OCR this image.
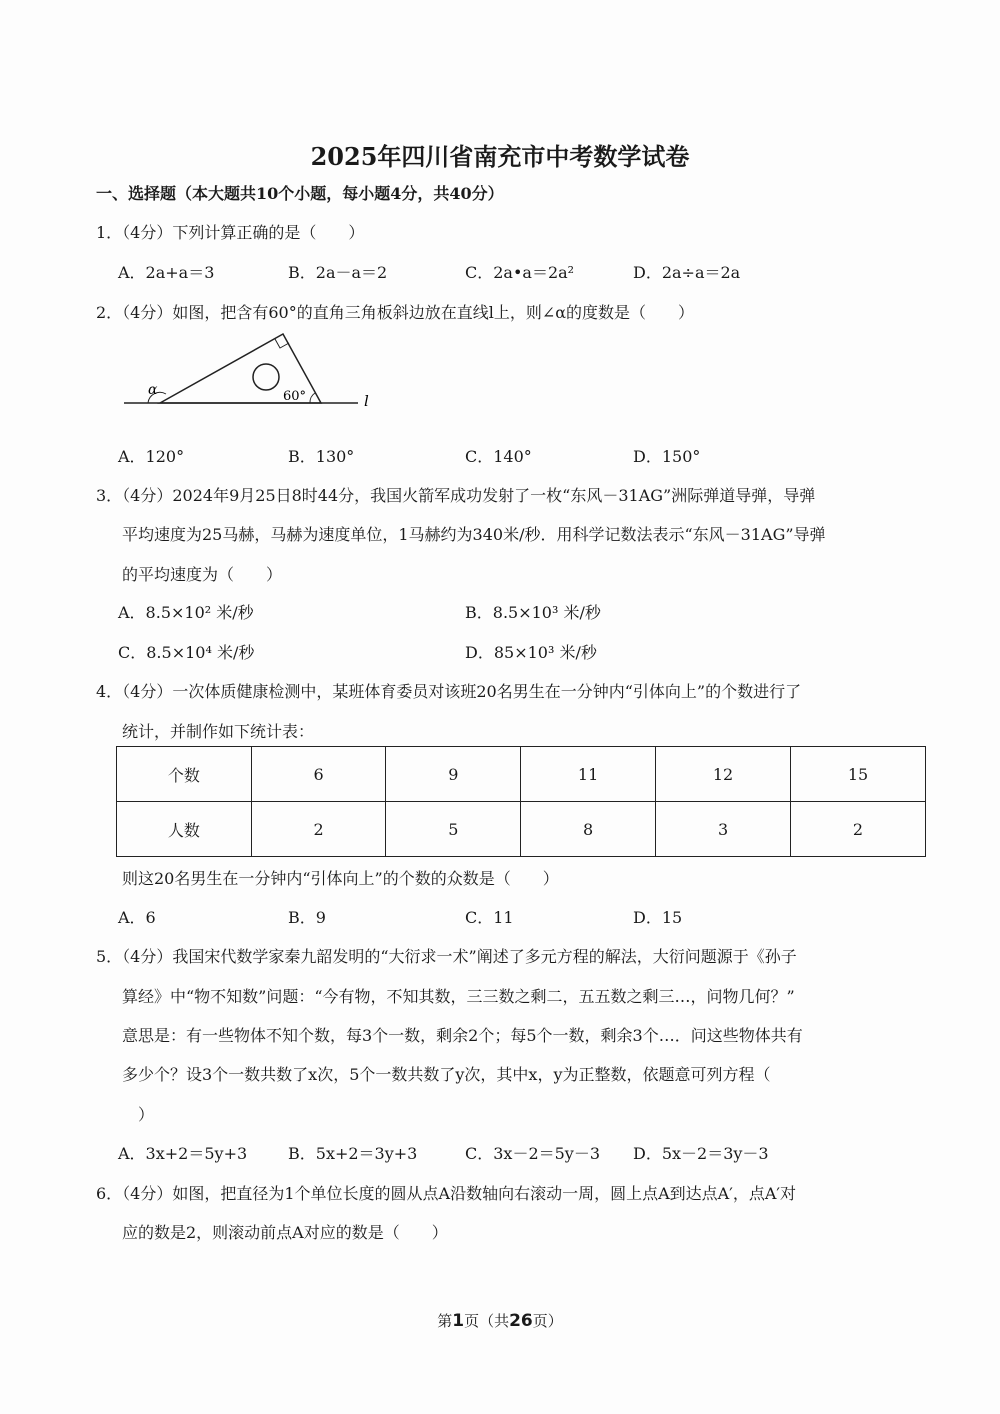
2025年四川省南充市中考数学试卷
一、选择题（本大题共10个小题，每小题4分，共40分）
1．（4分）下列计算正确的是（　　）
A．2a+a＝3	B．2a－a＝2	C．2a•a＝2a²	D．2a÷a＝2a
2．（4分）如图，把含有60°的直角三角板斜边放在直线l上，则∠α的度数是（　　）
α	60°	l
A．120°	B．130°	C．140°	D．150°
3．（4分）2024年9月25日8时44分，我国火箭军成功发射了一枚“东风－31AG”洲际弹道导弹，导弹
平均速度为25马赫，马赫为速度单位，1马赫约为340米/秒．用科学记数法表示“东风－31AG”导弹
的平均速度为（　　）
A．8.5×10² 米/秒	B．8.5×10³ 米/秒
C．8.5×10⁴ 米/秒	D．85×10³ 米/秒
4．（4分）一次体质健康检测中，某班体育委员对该班20名男生在一分钟内“引体向上”的个数进行了
统计，并制作如下统计表：
个数	6	9	11	12	15
人数	2	5	8	3	2
则这20名男生在一分钟内“引体向上”的个数的众数是（　　）
A．6	B．9	C．11	D．15
5．（4分）我国宋代数学家秦九韶发明的“大衍求一术”阐述了多元方程的解法，大衍问题源于《孙子
算经》中“物不知数”问题：“今有物，不知其数，三三数之剩二，五五数之剩三…，问物几何？”
意思是：有一些物体不知个数，每3个一数，剩余2个；每5个一数，剩余3个…．问这些物体共有
多少个？设3个一数共数了x次，5个一数共数了y次，其中x，y为正整数，依题意可列方程（
）
A．3x+2＝5y+3	B．5x+2＝3y+3	C．3x－2＝5y－3 D．5x－2＝3y－3
6．（4分）如图，把直径为1个单位长度的圆从点A沿数轴向右滚动一周，圆上点A到达点A′，点A′对
应的数是2，则滚动前点A对应的数是（　　）
第1页（共26页）
